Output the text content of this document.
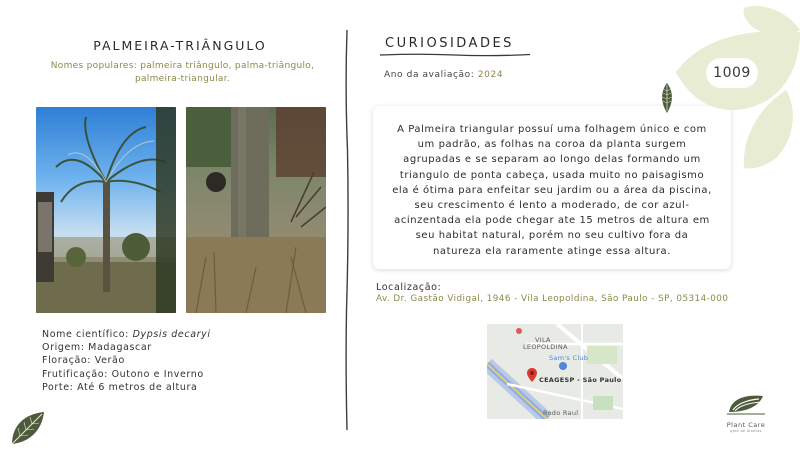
PALMEIRA-TRIÂNGULO
Nomes populares: palmeira triângulo, palma-triângulo,
palmeira-triangular.
Nome científico: Dypsis decaryi
Origem: Madagascar
Floração: Verão
Frutificação: Outono e Inverno
Porte: Até 6 metros de altura
CURIOSIDADES
Ano da avaliação: 2024

A Palmeira triangular possuí uma folhagem único e com um padrão, as folhas na coroa da planta surgem agrupadas e se separam ao longo delas formando um triangulo de ponta cabeça, usada muito no paisagismo ela é ótima para enfeitar seu jardim ou a área da piscina, seu crescimento é lento a moderado, de cor azul-acinzentada ela pode chegar ate 15 metros de altura em seu habitat natural, porém no seu cultivo fora da natureza ela raramente atinge essa altura.

Localização:
Av. Dr. Gastão Vidigal, 1946 - Vila Leopoldina, São Paulo - SP, 05314-000
VILA
LEOPOLDINA
Sam's Club
CEAGESP - São Paulo
Rodo Raul
1009
Plant Care
guia de plantas
